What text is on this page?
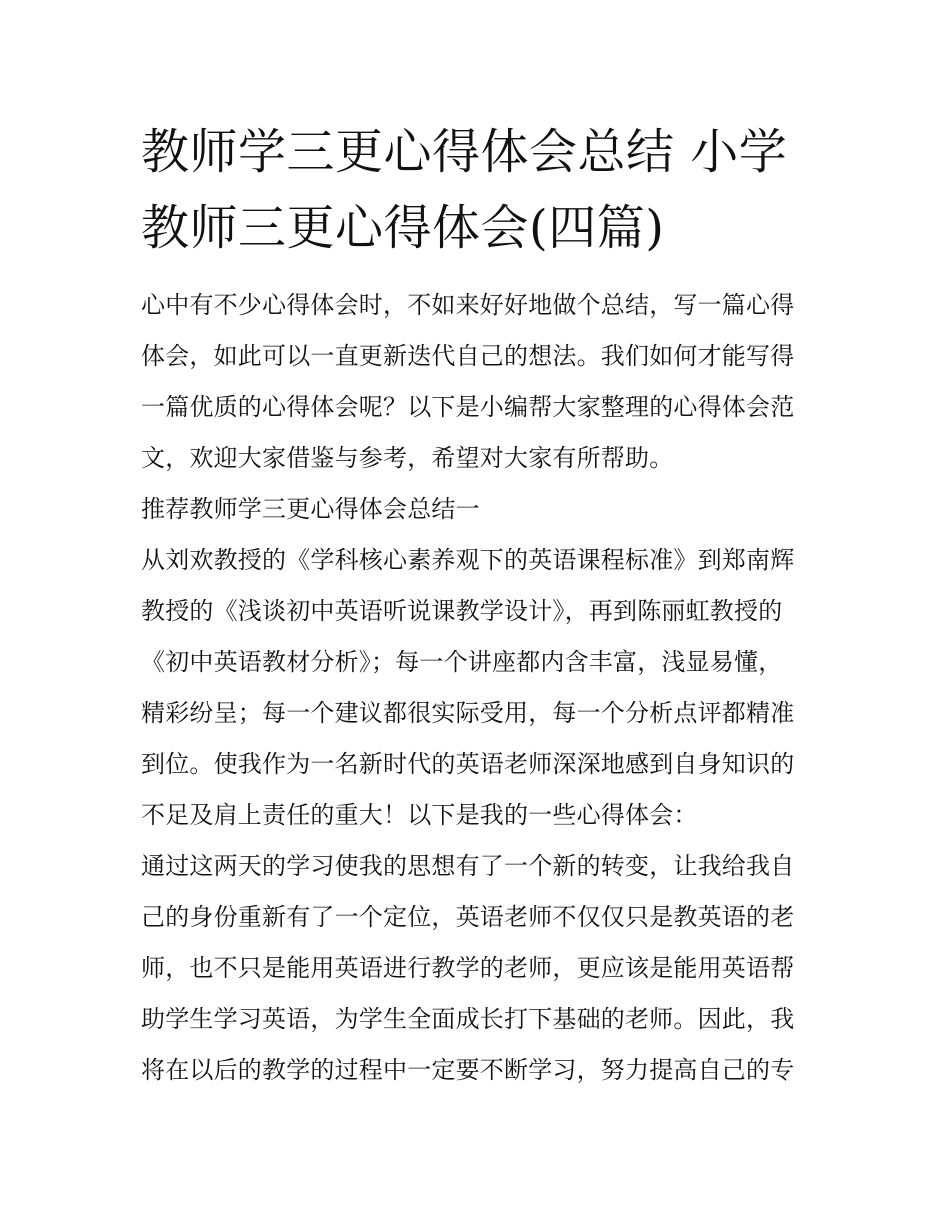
教师学三更心得体会总结 小学
教师三更心得体会(四篇)
心中有不少心得体会时，不如来好好地做个总结，写一篇心得
体会，如此可以一直更新迭代自己的想法。我们如何才能写得
一篇优质的心得体会呢？以下是小编帮大家整理的心得体会范
文，欢迎大家借鉴与参考，希望对大家有所帮助。
推荐教师学三更心得体会总结一
从刘欢教授的《学科核心素养观下的英语课程标准》到郑南辉
教授的《浅谈初中英语听说课教学设计》，再到陈丽虹教授的
《初中英语教材分析》；每一个讲座都内含丰富，浅显易懂，
精彩纷呈；每一个建议都很实际受用，每一个分析点评都精准
到位。使我作为一名新时代的英语老师深深地感到自身知识的
不足及肩上责任的重大！以下是我的一些心得体会：
通过这两天的学习使我的思想有了一个新的转变，让我给我自
己的身份重新有了一个定位，英语老师不仅仅只是教英语的老
师，也不只是能用英语进行教学的老师，更应该是能用英语帮
助学生学习英语，为学生全面成长打下基础的老师。因此，我
将在以后的教学的过程中一定要不断学习，努力提高自己的专
